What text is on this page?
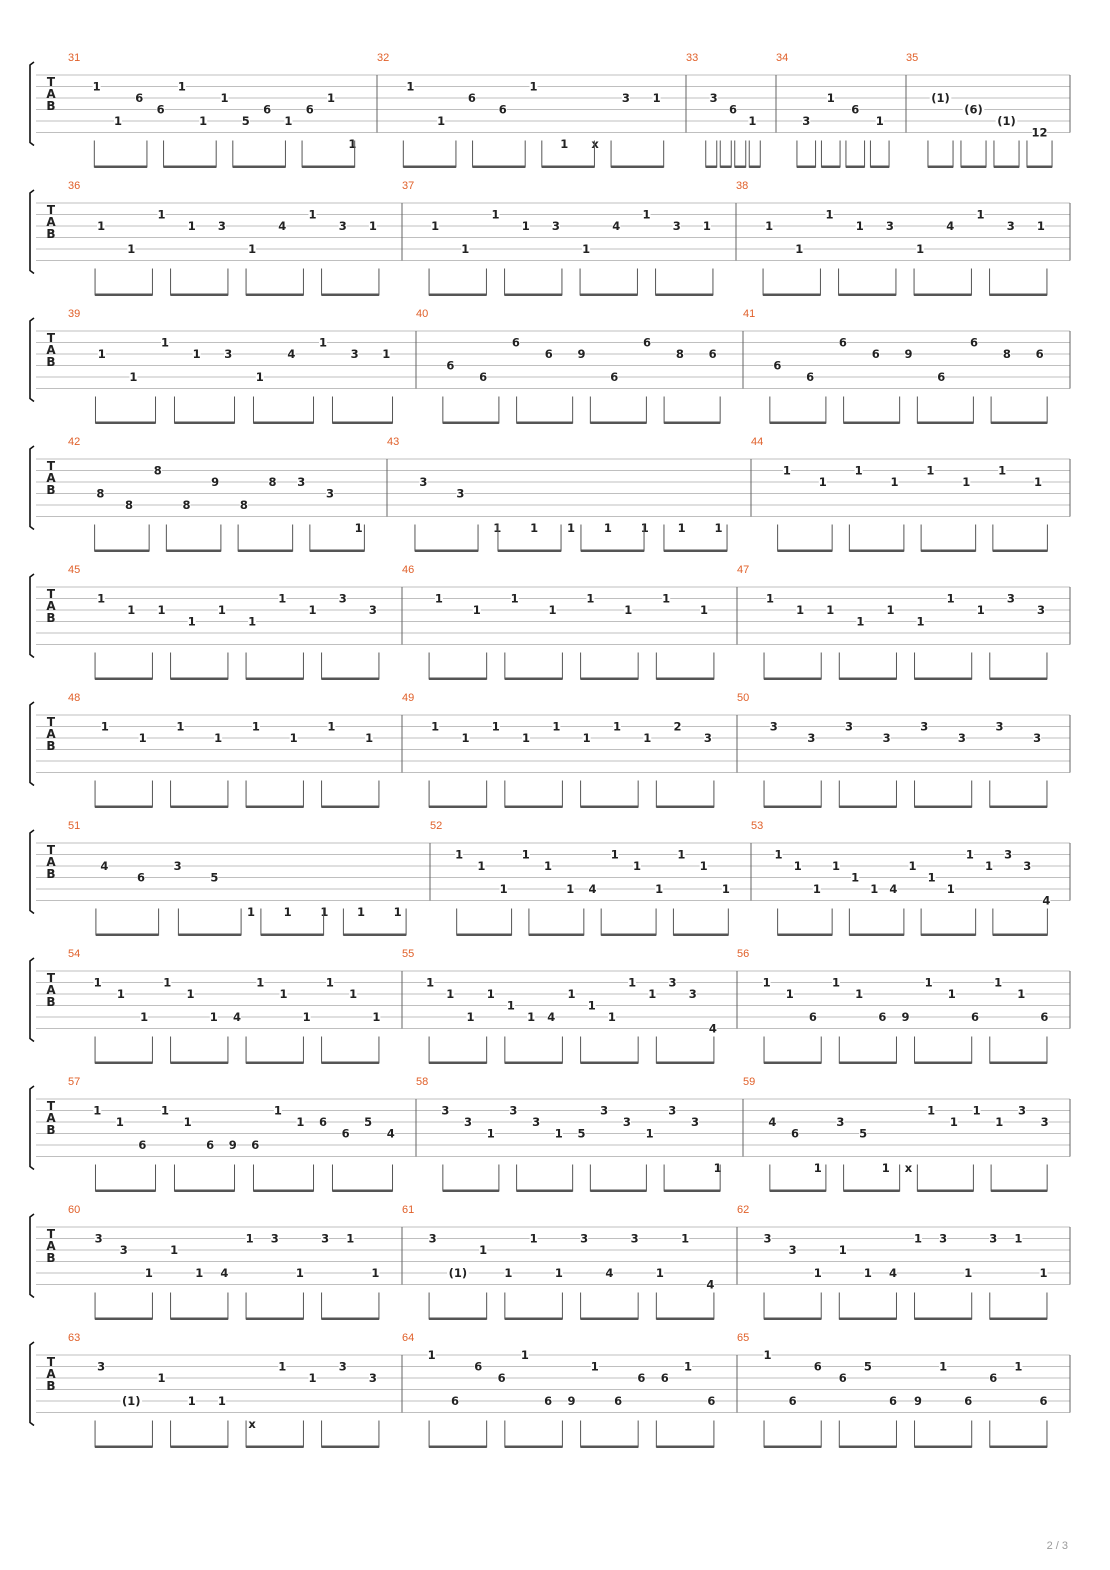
T
A
B
31
1
1
6
6
1
1
1
5
6
1
6
1
1
32
1
1
6
6
1
1 x
3 1
33
3
6
1
34
3
1
6
1
35
(1)
(6)
(1)
12
T
A
B
36
1
1
1
1 3
1
4
1
3 1
37
1
1
1
1 3
1
4
1
3 1
38
1
1
1
1 3
1
4
1
3 1
T
A
B
39
1
1
1
1 3
1
4
1
3 1
40
6
6
6
6 9
6
6
8 6
41
6
6
6
6 9
6
6
8 6
T
A
B
42
8
8
8
8
9
8
8 3
3
1
43
3
3
1	1	1	1	1	1	1
44
1
1
1
1
1
1
1
1
T
A
B
45
1
1 1
1
1
1
1
1
3
3
46
1
1
1
1
1
1
1
1
47
1
1 1
1
1
1
1
1
3
3
T
A
B
48
1
1
1
1
1
1
1
1
49
1
1
1
1
1
1
1
1
2
3
50
3
3
3
3
3
3
3
3
T
A
B
51
4
6
3
5
1 1 1 1 1
52
1
1
1
1
1
1 4
1
1
1
1
1
1
53
1
1
1
1
1
1 4
1
1
1
1
1
3
3
4
T
A
B
54
1
1
1
1
1
1 4
1
1
1
1
1
1
55
1
1
1
1
1
1 4
1
1
1
1
1
3
3
4
56
1
1
6
1
1
6 9
1
1
6
1
1
6
T
A
B
57
1
1
6
1
1
6 9 6
1
1 6
6
5
4
58
3
3
1
3
3
1 5
3
3
1
3
3
1
59
4
6
1
3
5
1 x
1
1
1
1
3
3
T
A
B
60
3
3
1
1
1 4
1 3
1
3 1
1
61
3
(1)
1
1
1
1
3
4
3
1
1
4
62
3
3
1
1
1 4
1 3
1
3 1
1
T
A
B
63
3
(1)
1
1 1
x
1
1
3
3
64
1
6
6
6
1
6 9
1
6
6 6
1
6
65
1
6
6
6
5
6 9
1
6
6
1
6
2 / 3
